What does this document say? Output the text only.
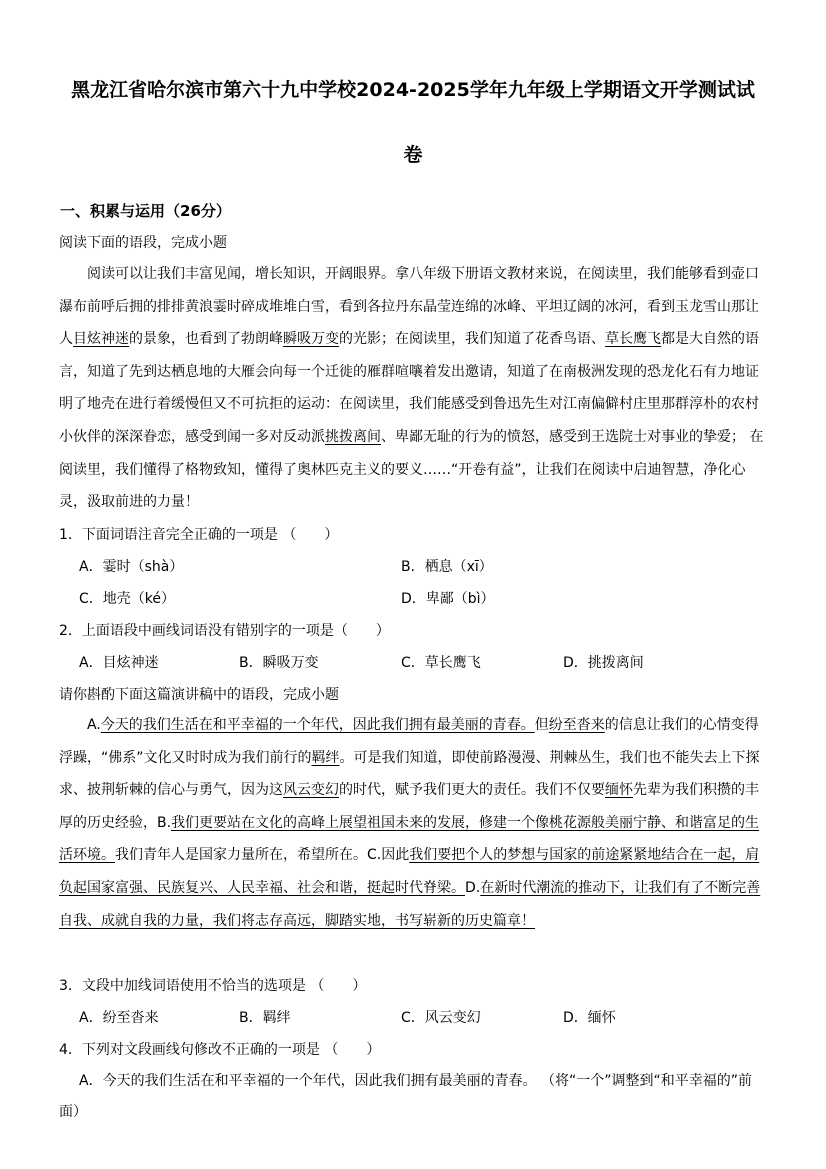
黑龙江省哈尔滨市第六十九中学校2024-2025学年九年级上学期语文开学测试试
卷
一、积累与运用（26分）
阅读下面的语段，完成小题

阅读可以让我们丰富见闻，增长知识，开阔眼界。拿八年级下册语文教材来说，在阅读里，我们能够看到壶口瀑布前呼后拥的排排黄浪霎时碎成堆堆白雪，看到各拉丹东晶莹连绵的冰峰、平坦辽阔的冰河，看到玉龙雪山那让人目炫神迷的景象，也看到了勃朗峰瞬吸万变的光影；在阅读里，我们知道了花香鸟语、草长鹰飞都是大自然的语言，知道了先到达栖息地的大雁会向每一个迁徙的雁群喧嚷着发出邀请，知道了在南极洲发现的恐龙化石有力地证明了地壳在进行着缓慢但又不可抗拒的运动：在阅读里，我们能感受到鲁迅先生对江南偏僻村庄里那群淳朴的农村小伙伴的深深眷恋，感受到闻一多对反动派挑拨离间、卑鄙无耻的行为的愤怒，感受到王选院士对事业的挚爱； 在阅读里，我们懂得了格物致知，懂得了奥林匹克主义的要义……“开卷有益”，让我们在阅读中启迪智慧，净化心灵，汲取前进的力量！

1．下面词语注音完全正确的一项是 （　　）
A．霎时（shà）	B．栖息（xī）
C．地壳（ké）	D．卑鄙（bì）
2．上面语段中画线词语没有错别字的一项是（　　）
A．目炫神迷	B．瞬吸万变	C．草长鹰飞	D．挑拨离间
请你斟酌下面这篇演讲稿中的语段，完成小题

A.今天的我们生活在和平幸福的一个年代，因此我们拥有最美丽的青春。但纷至沓来的信息让我们的心情变得浮躁，“佛系”文化又时时成为我们前行的羁绊。可是我们知道，即使前路漫漫、荆棘丛生，我们也不能失去上下探求、披荆斩棘的信心与勇气，因为这风云变幻的时代，赋予我们更大的责任。我们不仅要缅怀先辈为我们积攒的丰厚的历史经验，B.我们更要站在文化的高峰上展望祖国未来的发展，修建一个像桃花源般美丽宁静、和谐富足的生活环境。我们青年人是国家力量所在，希望所在。C.因此我们要把个人的梦想与国家的前途紧紧地结合在一起，肩负起国家富强、民族复兴、人民幸福、社会和谐，挺起时代脊梁。D.在新时代潮流的推动下，让我们有了不断完善自我、成就自我的力量，我们将志存高远，脚踏实地，书写崭新的历史篇章！

3．文段中加线词语使用不恰当的选项是 （　　）
A．纷至沓来	B．羁绊	C．风云变幻	D．缅怀
4．下列对文段画线句修改不正确的一项是 （　　）

A．今天的我们生活在和平幸福的一个年代，因此我们拥有最美丽的青春。 （将“一个”调整到“和平幸福的”前面）
